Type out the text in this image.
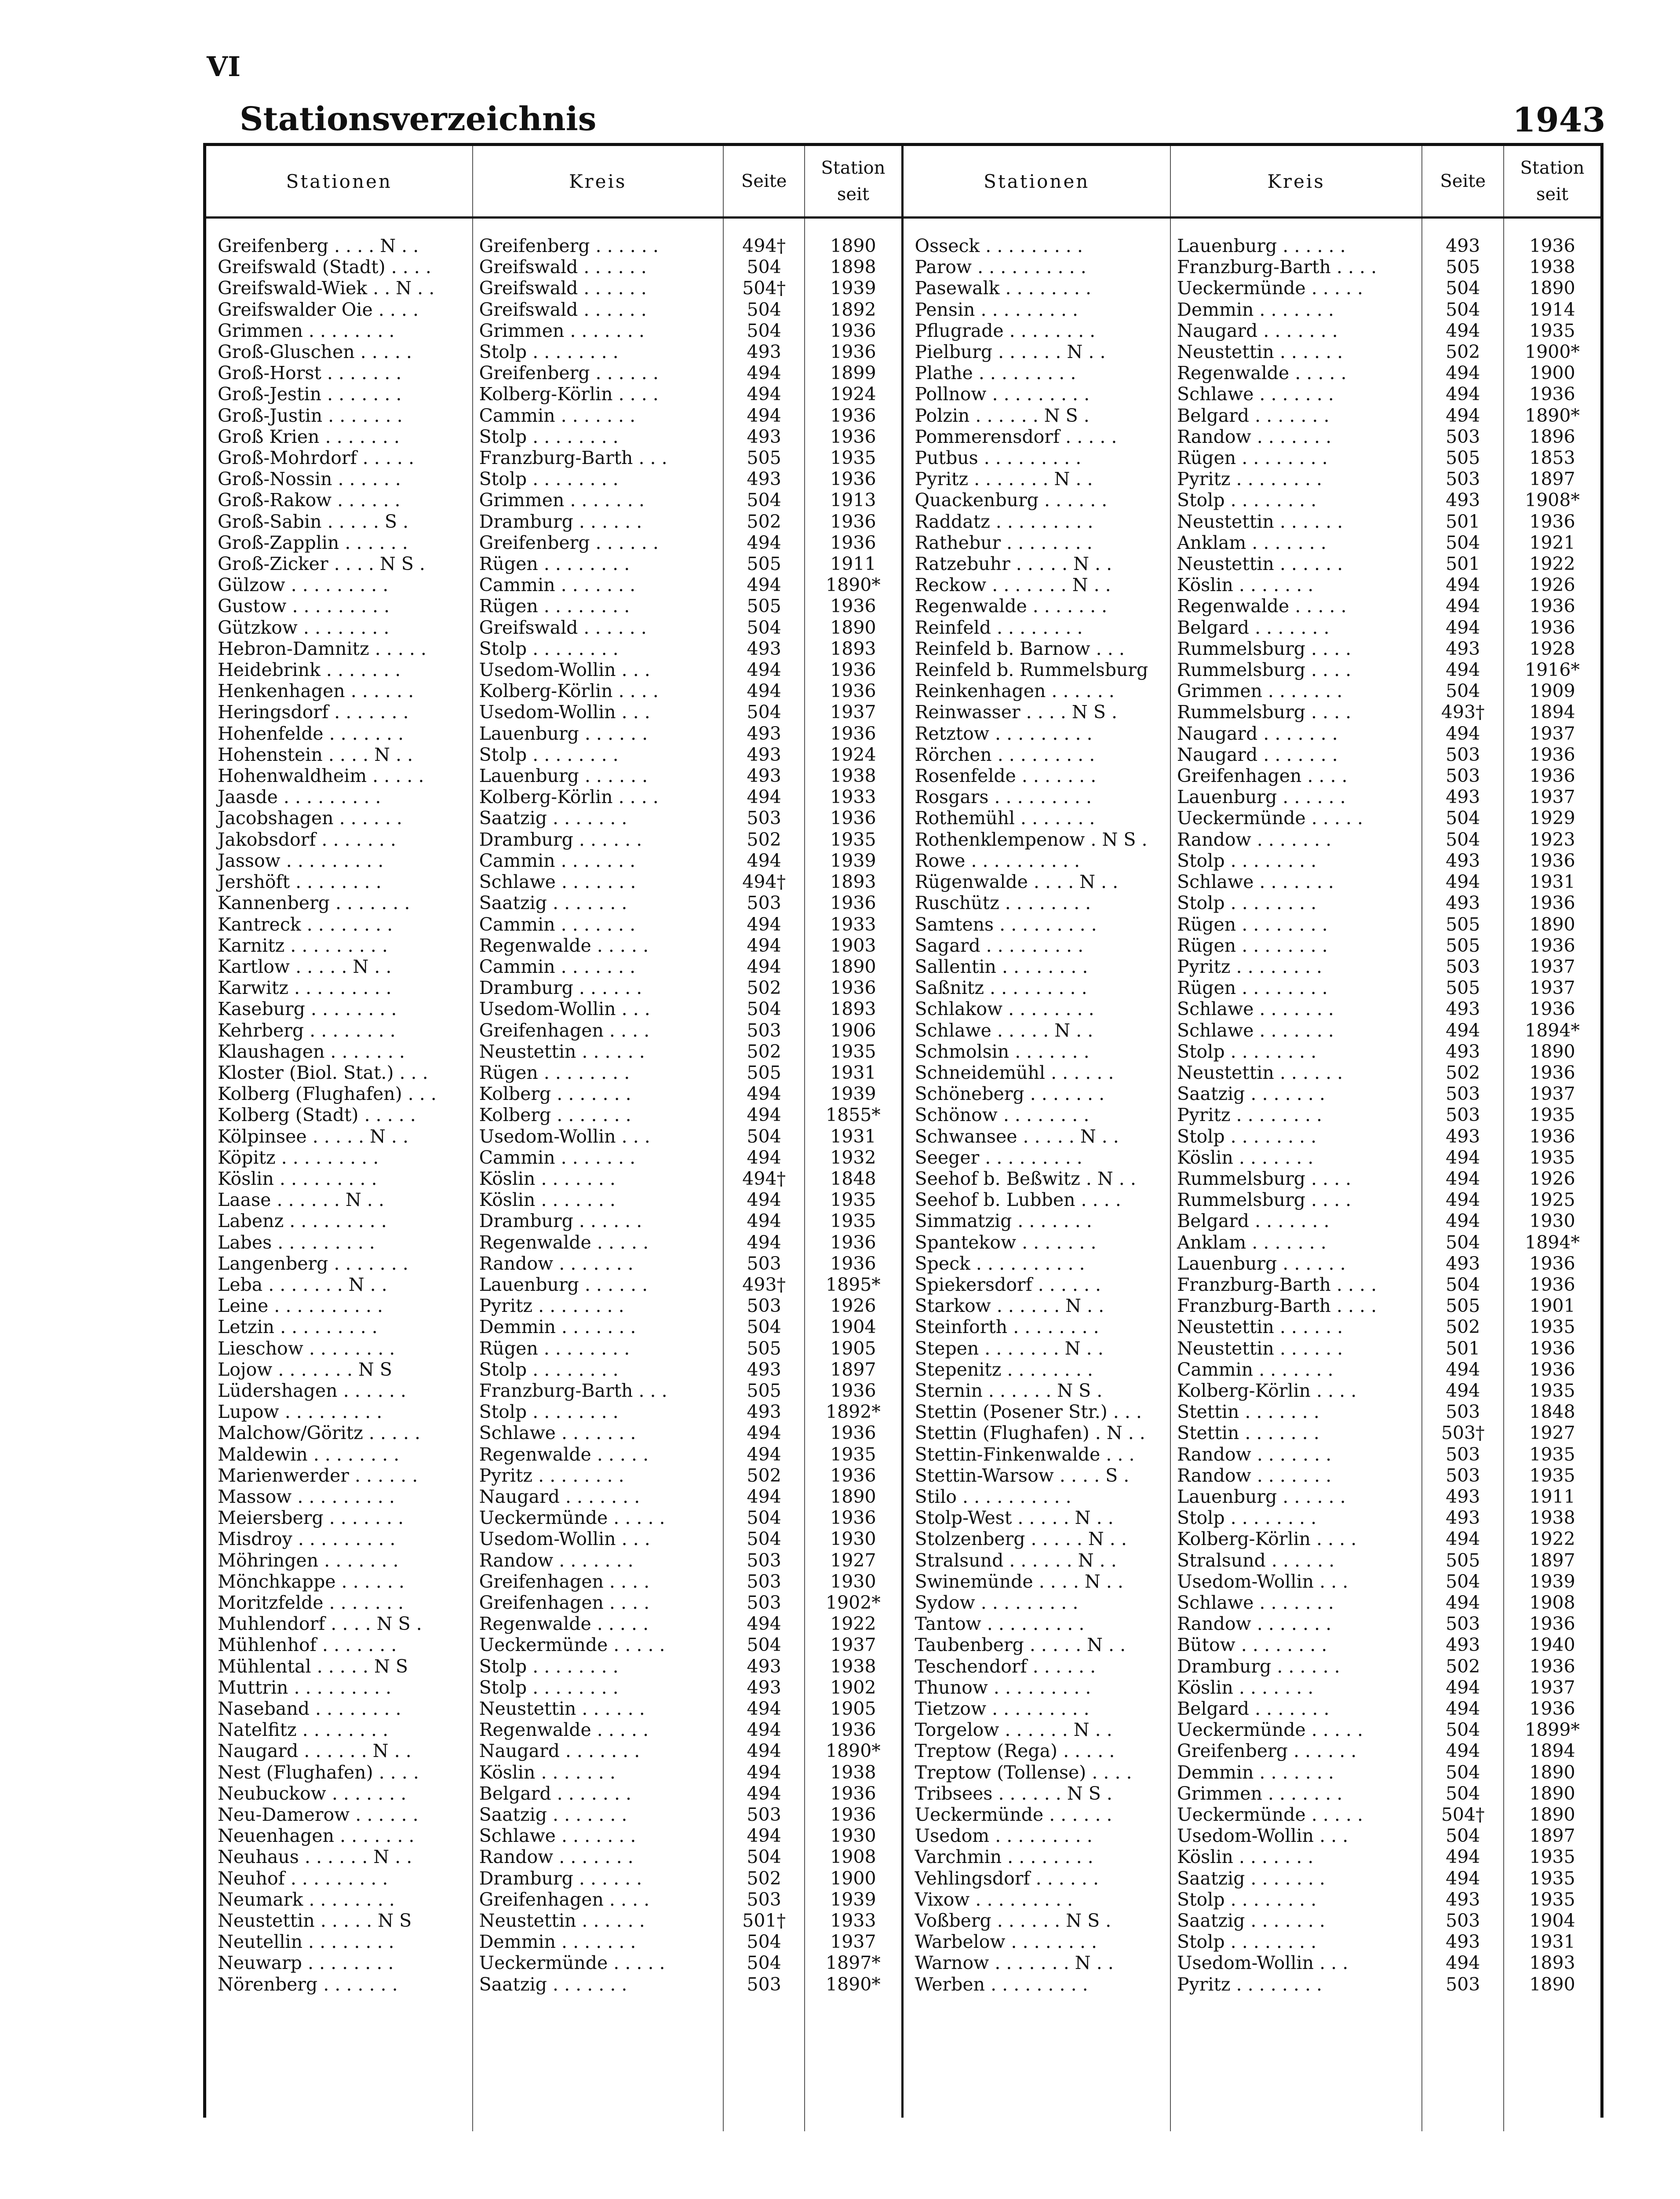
VI
Stationsverzeichnis	1943
Stationen	Kreis	Seite	Station
seit

Greifenberg . . . . N . .	Greifenberg . . . . . .	494†	1890
Greifswald (Stadt) . . . .	Greifswald . . . . . .	504	1898
Greifswald-Wiek . . N . .	Greifswald . . . . . .	504†	1939
Greifswalder Oie . . . .	Greifswald . . . . . .	504	1892
Grimmen . . . . . . . .	Grimmen . . . . . . .	504	1936
Groß-Gluschen . . . . .	Stolp . . . . . . . .	493	1936
Groß-Horst . . . . . . .	Greifenberg . . . . . .	494	1899
Groß-Jestin . . . . . . .	Kolberg-Körlin . . . .	494	1924
Groß-Justin . . . . . . .	Cammin . . . . . . .	494	1936
Groß Krien . . . . . . .	Stolp . . . . . . . .	493	1936
Groß-Mohrdorf . . . . .	Franzburg-Barth . . .	505	1935
Groß-Nossin . . . . . .	Stolp . . . . . . . .	493	1936
Groß-Rakow . . . . . .	Grimmen . . . . . . .	504	1913
Groß-Sabin . . . . . S .	Dramburg . . . . . .	502	1936
Groß-Zapplin . . . . . .	Greifenberg . . . . . .	494	1936
Groß-Zicker . . . . N S .	Rügen . . . . . . . .	505	1911
Gülzow . . . . . . . . .	Cammin . . . . . . .	494	1890*
Gustow . . . . . . . . .	Rügen . . . . . . . .	505	1936
Gützkow . . . . . . . .	Greifswald . . . . . .	504	1890
Hebron-Damnitz . . . . .	Stolp . . . . . . . .	493	1893
Heidebrink . . . . . . .	Usedom-Wollin . . .	494	1936
Henkenhagen . . . . . .	Kolberg-Körlin . . . .	494	1936
Heringsdorf . . . . . . .	Usedom-Wollin . . .	504	1937
Hohenfelde . . . . . . .	Lauenburg . . . . . .	493	1936
Hohenstein . . . . N . .	Stolp . . . . . . . .	493	1924
Hohenwaldheim . . . . .	Lauenburg . . . . . .	493	1938
Jaasde . . . . . . . . .	Kolberg-Körlin . . . .	494	1933
Jacobshagen . . . . . .	Saatzig . . . . . . .	503	1936
Jakobsdorf . . . . . . .	Dramburg . . . . . .	502	1935
Jassow . . . . . . . . .	Cammin . . . . . . .	494	1939
Jershöft . . . . . . . .	Schlawe . . . . . . .	494†	1893
Kannenberg . . . . . . .	Saatzig . . . . . . .	503	1936
Kantreck . . . . . . . .	Cammin . . . . . . .	494	1933
Karnitz . . . . . . . . .	Regenwalde . . . . .	494	1903
Kartlow . . . . . N . .	Cammin . . . . . . .	494	1890
Karwitz . . . . . . . . .	Dramburg . . . . . .	502	1936
Kaseburg . . . . . . . .	Usedom-Wollin . . .	504	1893
Kehrberg . . . . . . . .	Greifenhagen . . . .	503	1906
Klaushagen . . . . . . .	Neustettin . . . . . .	502	1935
Kloster (Biol. Stat.) . . .	Rügen . . . . . . . .	505	1931
Kolberg (Flughafen) . . .	Kolberg . . . . . . .	494	1939
Kolberg (Stadt) . . . . .	Kolberg . . . . . . .	494	1855*
Kölpinsee . . . . . N . .	Usedom-Wollin . . .	504	1931
Köpitz . . . . . . . . .	Cammin . . . . . . .	494	1932
Köslin . . . . . . . . .	Köslin . . . . . . .	494†	1848
Laase . . . . . . N . .	Köslin . . . . . . .	494	1935
Labenz . . . . . . . . .	Dramburg . . . . . .	494	1935
Labes . . . . . . . . .	Regenwalde . . . . .	494	1936
Langenberg . . . . . . .	Randow . . . . . . .	503	1936
Leba . . . . . . . N . .	Lauenburg . . . . . .	493†	1895*
Leine . . . . . . . . . .	Pyritz . . . . . . . .	503	1926
Letzin . . . . . . . . .	Demmin . . . . . . .	504	1904
Lieschow . . . . . . . .	Rügen . . . . . . . .	505	1905
Lojow . . . . . . . N S	Stolp . . . . . . . .	493	1897
Lüdershagen . . . . . .	Franzburg-Barth . . .	505	1936
Lupow . . . . . . . . .	Stolp . . . . . . . .	493	1892*
Malchow/Göritz . . . . .	Schlawe . . . . . . .	494	1936
Maldewin . . . . . . . .	Regenwalde . . . . .	494	1935
Marienwerder . . . . . .	Pyritz . . . . . . . .	502	1936
Massow . . . . . . . . .	Naugard . . . . . . .	494	1890
Meiersberg . . . . . . .	Ueckermünde . . . . .	504	1936
Misdroy . . . . . . . . .	Usedom-Wollin . . .	504	1930
Möhringen . . . . . . .	Randow . . . . . . .	503	1927
Mönchkappe . . . . . .	Greifenhagen . . . .	503	1930
Moritzfelde . . . . . . .	Greifenhagen . . . .	503	1902*
Muhlendorf . . . . N S .	Regenwalde . . . . .	494	1922
Mühlenhof . . . . . . .	Ueckermünde . . . . .	504	1937
Mühlental . . . . . N S	Stolp . . . . . . . .	493	1938
Muttrin . . . . . . . . .	Stolp . . . . . . . .	493	1902
Naseband . . . . . . . .	Neustettin . . . . . .	494	1905
Natelfitz . . . . . . . .	Regenwalde . . . . .	494	1936
Naugard . . . . . . N . .	Naugard . . . . . . .	494	1890*
Nest (Flughafen) . . . .	Köslin . . . . . . .	494	1938
Neubuckow . . . . . . .	Belgard . . . . . . .	494	1936
Neu-Damerow . . . . . .	Saatzig . . . . . . .	503	1936
Neuenhagen . . . . . . .	Schlawe . . . . . . .	494	1930
Neuhaus . . . . . . N . .	Randow . . . . . . .	504	1908
Neuhof . . . . . . . . .	Dramburg . . . . . .	502	1900
Neumark . . . . . . . .	Greifenhagen . . . .	503	1939
Neustettin . . . . . N S	Neustettin . . . . . .	501†	1933
Neutellin . . . . . . . .	Demmin . . . . . . .	504	1937
Neuwarp . . . . . . . .	Ueckermünde . . . . .	504	1897*
Nörenberg . . . . . . .	Saatzig . . . . . . .	503	1890*

Stationen	Kreis	Seite	Station
seit

Osseck . . . . . . . . .	Lauenburg . . . . . .	493	1936
Parow . . . . . . . . . .	Franzburg-Barth . . . .	505	1938
Pasewalk . . . . . . . .	Ueckermünde . . . . .	504	1890
Pensin . . . . . . . . .	Demmin . . . . . . .	504	1914
Pflugrade . . . . . . . .	Naugard . . . . . . .	494	1935
Pielburg . . . . . . N . .	Neustettin . . . . . .	502	1900*
Plathe . . . . . . . . .	Regenwalde . . . . .	494	1900
Pollnow . . . . . . . . .	Schlawe . . . . . . .	494	1936
Polzin . . . . . . N S .	Belgard . . . . . . .	494	1890*
Pommerensdorf . . . . .	Randow . . . . . . .	503	1896
Putbus . . . . . . . . .	Rügen . . . . . . . .	505	1853
Pyritz . . . . . . . N . .	Pyritz . . . . . . . .	503	1897
Quackenburg . . . . . .	Stolp . . . . . . . .	493	1908*
Raddatz . . . . . . . . .	Neustettin . . . . . .	501	1936
Rathebur . . . . . . . .	Anklam . . . . . . .	504	1921
Ratzebuhr . . . . . N . .	Neustettin . . . . . .	501	1922
Reckow . . . . . . . N . .	Köslin . . . . . . .	494	1926
Regenwalde . . . . . . .	Regenwalde . . . . .	494	1936
Reinfeld . . . . . . . .	Belgard . . . . . . .	494	1936
Reinfeld b. Barnow . . .	Rummelsburg . . . .	493	1928
Reinfeld b. Rummelsburg	Rummelsburg . . . .	494	1916*
Reinkenhagen . . . . . .	Grimmen . . . . . . .	504	1909
Reinwasser . . . . N S .	Rummelsburg . . . .	493†	1894
Retztow . . . . . . . . .	Naugard . . . . . . .	494	1937
Rörchen . . . . . . . . .	Naugard . . . . . . .	503	1936
Rosenfelde . . . . . . .	Greifenhagen . . . .	503	1936
Rosgars . . . . . . . . .	Lauenburg . . . . . .	493	1937
Rothemühl . . . . . . .	Ueckermünde . . . . .	504	1929
Rothenklempenow . N S .	Randow . . . . . . .	504	1923
Rowe . . . . . . . . . .	Stolp . . . . . . . .	493	1936
Rügenwalde . . . . N . .	Schlawe . . . . . . .	494	1931
Ruschütz . . . . . . . .	Stolp . . . . . . . .	493	1936
Samtens . . . . . . . . .	Rügen . . . . . . . .	505	1890
Sagard . . . . . . . . .	Rügen . . . . . . . .	505	1936
Sallentin . . . . . . . .	Pyritz . . . . . . . .	503	1937
Saßnitz . . . . . . . . .	Rügen . . . . . . . .	505	1937
Schlakow . . . . . . . .	Schlawe . . . . . . .	493	1936
Schlawe . . . . . N . .	Schlawe . . . . . . .	494	1894*
Schmolsin . . . . . . .	Stolp . . . . . . . .	493	1890
Schneidemühl . . . . . .	Neustettin . . . . . .	502	1936
Schöneberg . . . . . . .	Saatzig . . . . . . .	503	1937
Schönow . . . . . . . .	Pyritz . . . . . . . .	503	1935
Schwansee . . . . . N . .	Stolp . . . . . . . .	493	1936
Seeger . . . . . . . . .	Köslin . . . . . . .	494	1935
Seehof b. Beßwitz . N . .	Rummelsburg . . . .	494	1926
Seehof b. Lubben . . . .	Rummelsburg . . . .	494	1925
Simmatzig . . . . . . .	Belgard . . . . . . .	494	1930
Spantekow . . . . . . .	Anklam . . . . . . .	504	1894*
Speck . . . . . . . . . .	Lauenburg . . . . . .	493	1936
Spiekersdorf . . . . . .	Franzburg-Barth . . . .	504	1936
Starkow . . . . . . N . .	Franzburg-Barth . . . .	505	1901
Steinforth . . . . . . . .	Neustettin . . . . . .	502	1935
Stepen . . . . . . . N . .	Neustettin . . . . . .	501	1936
Stepenitz . . . . . . . .	Cammin . . . . . . .	494	1936
Sternin . . . . . . N S .	Kolberg-Körlin . . . .	494	1935
Stettin (Posener Str.) . . .	Stettin . . . . . . .	503	1848
Stettin (Flughafen) . N . .	Stettin . . . . . . .	503†	1927
Stettin-Finkenwalde . . .	Randow . . . . . . .	503	1935
Stettin-Warsow . . . . S .	Randow . . . . . . .	503	1935
Stilo . . . . . . . . . .	Lauenburg . . . . . .	493	1911
Stolp-West . . . . . N . .	Stolp . . . . . . . .	493	1938
Stolzenberg . . . . . N . .	Kolberg-Körlin . . . .	494	1922
Stralsund . . . . . . N . .	Stralsund . . . . . .	505	1897
Swinemünde . . . . N . .	Usedom-Wollin . . .	504	1939
Sydow . . . . . . . . .	Schlawe . . . . . . .	494	1908
Tantow . . . . . . . . .	Randow . . . . . . .	503	1936
Taubenberg . . . . . N . .	Bütow . . . . . . . .	493	1940
Teschendorf . . . . . .	Dramburg . . . . . .	502	1936
Thunow . . . . . . . . .	Köslin . . . . . . .	494	1937
Tietzow . . . . . . . . .	Belgard . . . . . . .	494	1936
Torgelow . . . . . . N . .	Ueckermünde . . . . .	504	1899*
Treptow (Rega) . . . . .	Greifenberg . . . . . .	494	1894
Treptow (Tollense) . . . .	Demmin . . . . . . .	504	1890
Tribsees . . . . . . N S .	Grimmen . . . . . . .	504	1890
Ueckermünde . . . . . .	Ueckermünde . . . . .	504†	1890
Usedom . . . . . . . . .	Usedom-Wollin . . .	504	1897
Varchmin . . . . . . . .	Köslin . . . . . . .	494	1935
Vehlingsdorf . . . . . .	Saatzig . . . . . . .	494	1935
Vixow . . . . . . . . .	Stolp . . . . . . . .	493	1935
Voßberg . . . . . . N S .	Saatzig . . . . . . .	503	1904
Warbelow . . . . . . . .	Stolp . . . . . . . .	493	1931
Warnow . . . . . . . N . .	Usedom-Wollin . . .	494	1893
Werben . . . . . . . . .	Pyritz . . . . . . . .	503	1890
